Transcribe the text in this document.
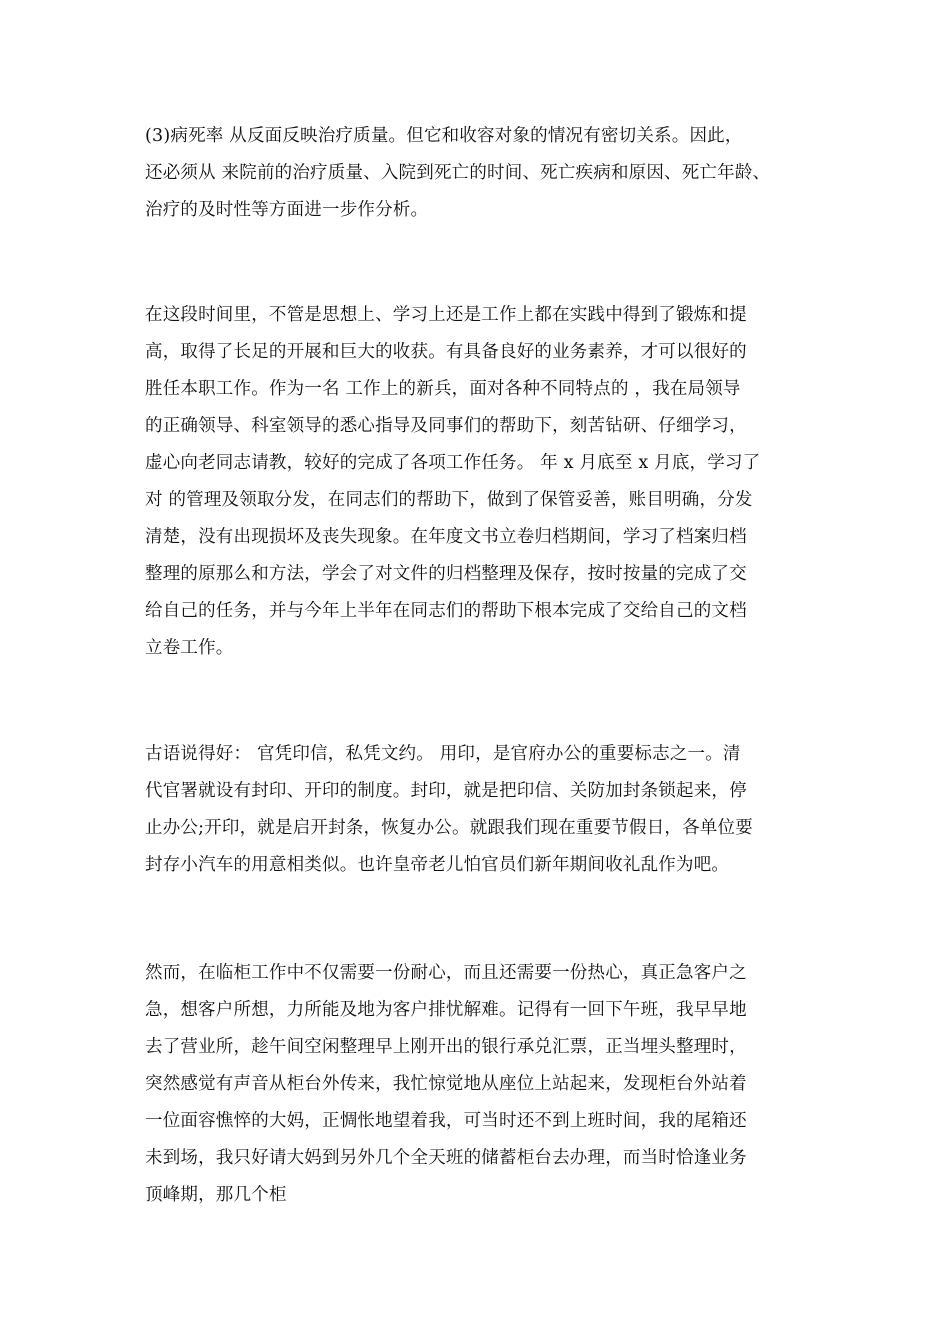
(3)病死率 从反面反映治疗质量。但它和收容对象的情况有密切关系。因此，
还必须从 来院前的治疗质量、入院到死亡的时间、死亡疾病和原因、死亡年龄、
治疗的及时性等方面进一步作分析。
在这段时间里，不管是思想上、学习上还是工作上都在实践中得到了锻炼和提
高，取得了长足的开展和巨大的收获。有具备良好的业务素养，才可以很好的
胜任本职工作。作为一名 工作上的新兵，面对各种不同特点的 ，我在局领导
的正确领导、科室领导的悉心指导及同事们的帮助下，刻苦钻研、仔细学习，
虚心向老同志请教，较好的完成了各项工作任务。 年 x 月底至 x 月底，学习了
对 的管理及领取分发，在同志们的帮助下，做到了保管妥善，账目明确，分发
清楚，没有出现损坏及丧失现象。在年度文书立卷归档期间，学习了档案归档
整理的原那么和方法，学会了对文件的归档整理及保存，按时按量的完成了交
给自己的任务，并与今年上半年在同志们的帮助下根本完成了交给自己的文档
立卷工作。
古语说得好： 官凭印信，私凭文约。 用印，是官府办公的重要标志之一。清
代官署就设有封印、开印的制度。封印，就是把印信、关防加封条锁起来，停
止办公;开印，就是启开封条，恢复办公。就跟我们现在重要节假日，各单位要
封存小汽车的用意相类似。也许皇帝老儿怕官员们新年期间收礼乱作为吧。
然而，在临柜工作中不仅需要一份耐心，而且还需要一份热心，真正急客户之
急，想客户所想，力所能及地为客户排忧解难。记得有一回下午班，我早早地
去了营业所，趁午间空闲整理早上刚开出的银行承兑汇票，正当埋头整理时，
突然感觉有声音从柜台外传来，我忙惊觉地从座位上站起来，发现柜台外站着
一位面容憔悴的大妈，正惆怅地望着我，可当时还不到上班时间，我的尾箱还
未到场，我只好请大妈到另外几个全天班的储蓄柜台去办理，而当时恰逢业务
顶峰期，那几个柜
